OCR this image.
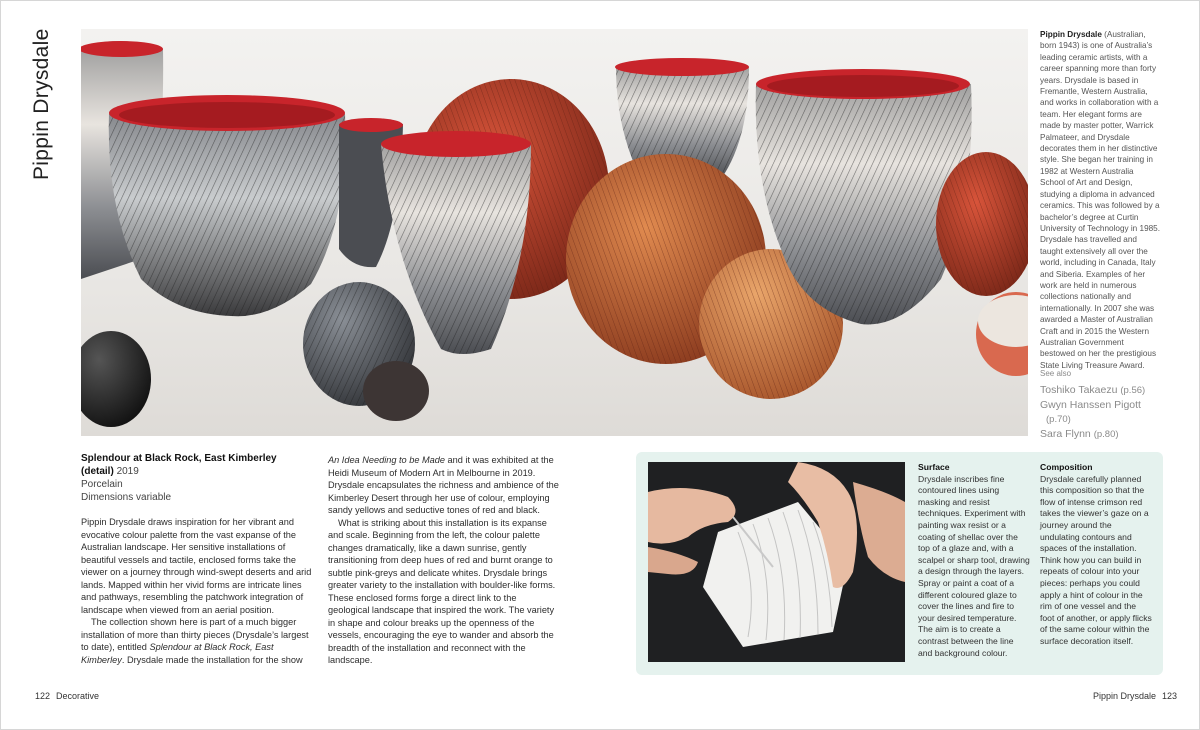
Pippin Drysdale	Pippin Drysdale (Australian, born 1943) is one of Australia’s leading ceramic artists, with a career spanning more than forty years. Drysdale is based in Fremantle, Western Australia, and works in collaboration with a team. Her elegant forms are made by master potter, Warrick Palmateer, and Drysdale decorates them in her distinctive style. She began her training in 1982 at Western Australia School of Art and Design, studying a diploma in advanced ceramics. This was followed by a bachelor’s degree at Curtin University of Technology in 1985. Drysdale has travelled and taught extensively all over the world, including in Canada, Italy and Siberia. Examples of her work are held in numerous collections nationally and internationally. In 2007 she was awarded a Master of Australian Craft and in 2015 the Western Australian Government bestowed on her the prestigious State Living Treasure Award.
See also
Toshiko Takaezu (p.56)
Gwyn Hanssen Pigott
(p.70)
Sara Flynn (p.80)
Splendour at Black Rock, East Kimberley (detail) 2019
Porcelain
Dimensions variable

Pippin Drysdale draws inspiration for her vibrant and evocative colour palette from the vast expanse of the Australian landscape. Her sensitive installations of beautiful vessels and tactile, enclosed forms take the viewer on a journey through wind-swept deserts and arid lands. Mapped within her vivid forms are intricate lines and pathways, resembling the patchwork integration of landscape when viewed from an aerial position.

The collection shown here is part of a much bigger installation of more than thirty pieces (Drysdale’s largest to date), entitled Splendour at Black Rock, East Kimberley. Drysdale made the installation for the show

An Idea Needing to be Made and it was exhibited at the Heidi Museum of Modern Art in Melbourne in 2019. Drysdale encapsulates the richness and ambience of the Kimberley Desert through her use of colour, employing sandy yellows and seductive tones of red and black.

What is striking about this installation is its expanse and scale. Beginning from the left, the colour palette changes dramatically, like a dawn sunrise, gently transitioning from deep hues of red and burnt orange to subtle pink-greys and delicate whites. Drysdale brings greater variety to the installation with boulder-like forms. These enclosed forms forge a direct link to the geological landscape that inspired the work. The variety in shape and colour breaks up the openness of the vessels, encouraging the eye to wander and absorb the breadth of the installation and reconnect with the landscape.

Surface
Drysdale inscribes fine contoured lines using masking and resist techniques. Experiment with painting wax resist or a coating of shellac over the top of a glaze and, with a scalpel or sharp tool, drawing a design through the layers. Spray or paint a coat of a different coloured glaze to cover the lines and fire to your desired temperature. The aim is to create a contrast between the line and background colour.
Composition
Drysdale carefully planned this composition so that the flow of intense crimson red takes the viewer’s gaze on a journey around the undulating contours and spaces of the installation. Think how you can build in repeats of colour into your pieces: perhaps you could apply a hint of colour in the rim of one vessel and the foot of another, or apply flicks of the same colour within the surface decoration itself.
122 Decorative	Pippin Drysdale 123
